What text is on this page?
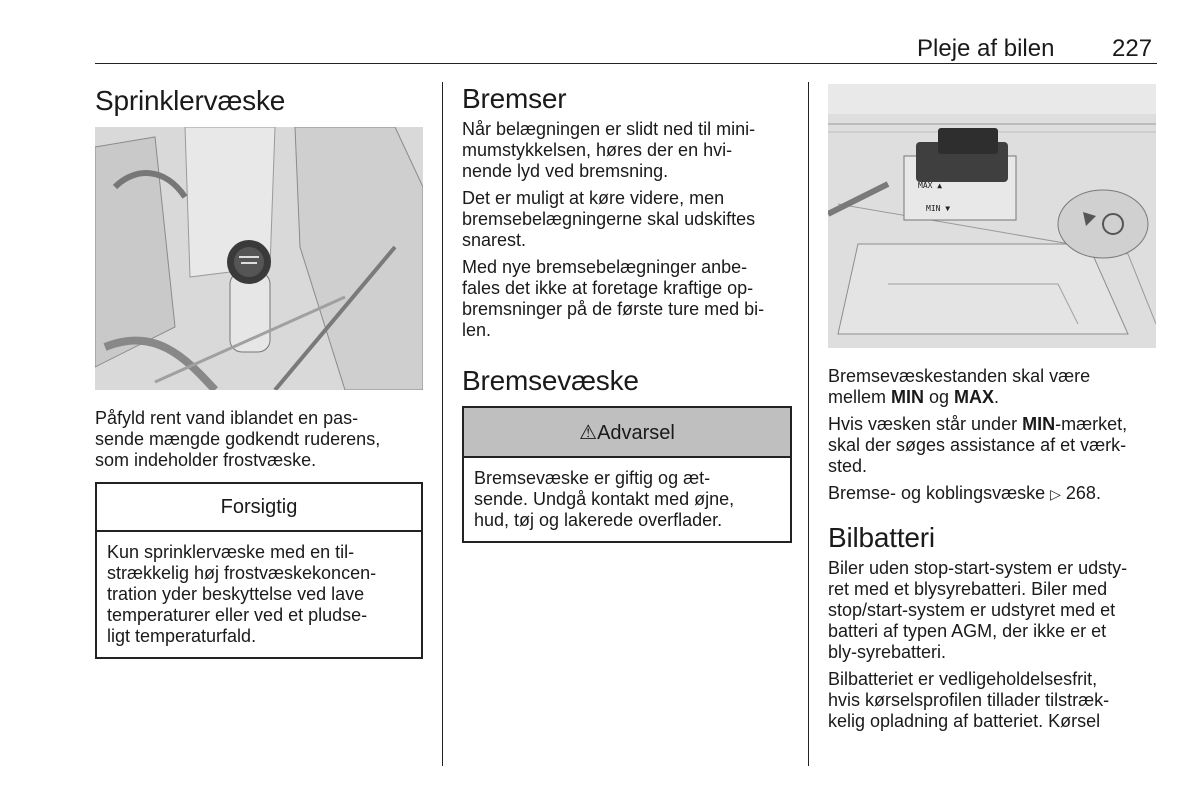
Pleje af bilen 227
Sprinklervæske

Påfyld rent vand iblandet en pas-
sende mængde godkendt ruderens,
som indeholder frostvæske.

Forsigtig
Kun sprinklervæske med en til-
strækkelig høj frostvæskekoncen-
tration yder beskyttelse ved lave
temperaturer eller ved et pludse-
ligt temperaturfald.
Bremser

Når belægningen er slidt ned til mini-
mumstykkelsen, høres der en hvi-
nende lyd ved bremsning.

Det er muligt at køre videre, men
bremsebelægningerne skal udskiftes
snarest.

Med nye bremsebelægninger anbe-
fales det ikke at foretage kraftige op-
bremsninger på de første ture med bi-
len.

Bremsevæske
⚠Advarsel
Bremsevæske er giftig og æt-
sende. Undgå kontakt med øjne,
hud, tøj og lakerede overflader.
MAX ▲
MIN ▼

Bremsevæskestanden skal være
mellem MIN og MAX.

Hvis væsken står under MIN-mærket,
skal der søges assistance af et værk-
sted.

Bremse- og koblingsvæske ▷ 268.

Bilbatteri

Biler uden stop-start-system er udsty-
ret med et blysyrebatteri. Biler med
stop/start-system er udstyret med et
batteri af typen AGM, der ikke er et
bly-syrebatteri.

Bilbatteriet er vedligeholdelsesfrit,
hvis kørselsprofilen tillader tilstræk-
kelig opladning af batteriet. Kørsel
